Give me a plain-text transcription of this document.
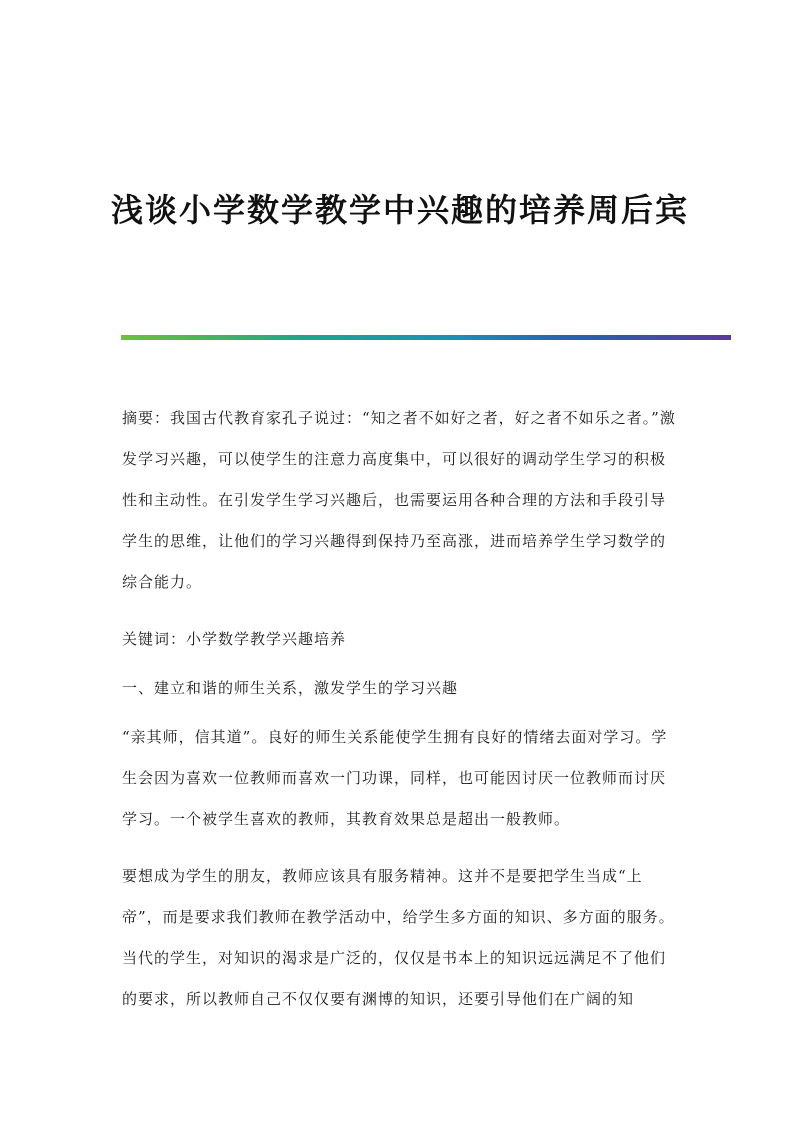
浅谈小学数学教学中兴趣的培养周后宾

摘要：我国古代教育家孔子说过：“知之者不如好之者，好之者不如乐之者。”激发学习兴趣，可以使学生的注意力高度集中，可以很好的调动学生学习的积极性和主动性。在引发学生学习兴趣后，也需要运用各种合理的方法和手段引导学生的思维，让他们的学习兴趣得到保持乃至高涨，进而培养学生学习数学的综合能力。

关键词：小学数学教学兴趣培养

一、建立和谐的师生关系，激发学生的学习兴趣

“亲其师，信其道”。良好的师生关系能使学生拥有良好的情绪去面对学习。学生会因为喜欢一位教师而喜欢一门功课，同样，也可能因讨厌一位教师而讨厌学习。一个被学生喜欢的教师，其教育效果总是超出一般教师。

要想成为学生的朋友，教师应该具有服务精神。这并不是要把学生当成“上帝”，而是要求我们教师在教学活动中，给学生多方面的知识、多方面的服务。当代的学生，对知识的渴求是广泛的，仅仅是书本上的知识远远满足不了他们的要求，所以教师自己不仅仅要有渊博的知识，还要引导他们在广阔的知
